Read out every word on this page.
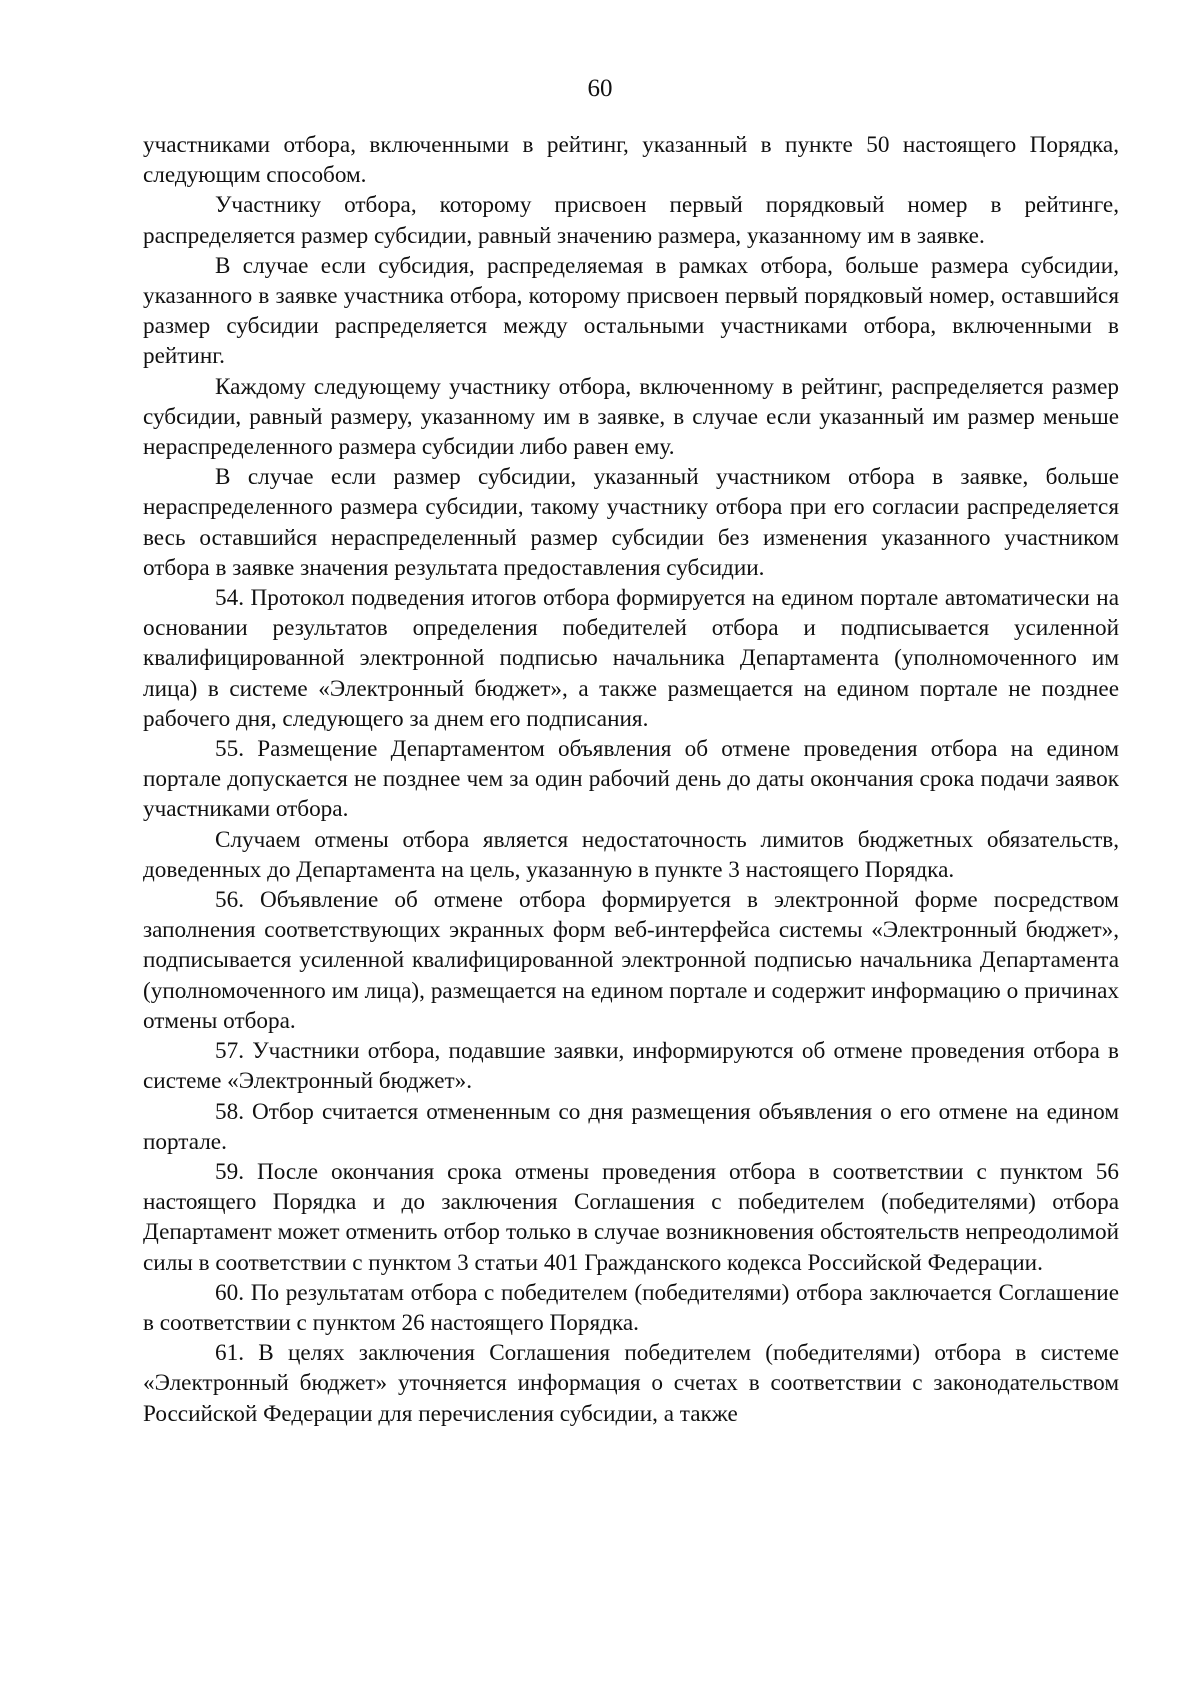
60

участниками отбора, включенными в рейтинг, указанный в пункте 50 настоящего Порядка, следующим способом.

Участнику отбора, которому присвоен первый порядковый номер в рейтинге, распределяется размер субсидии, равный значению размера, указанному им в заявке.

В случае если субсидия, распределяемая в рамках отбора, больше размера субсидии, указанного в заявке участника отбора, которому присвоен первый порядковый номер, оставшийся размер субсидии распределяется между остальными участниками отбора, включенными в рейтинг.

Каждому следующему участнику отбора, включенному в рейтинг, распределяется размер субсидии, равный размеру, указанному им в заявке, в случае если указанный им размер меньше нераспределенного размера субсидии либо равен ему.

В случае если размер субсидии, указанный участником отбора в заявке, больше нераспределенного размера субсидии, такому участнику отбора при его согласии распределяется весь оставшийся нераспределенный размер субсидии без изменения указанного участником отбора в заявке значения результата предоставления субсидии.

54. Протокол подведения итогов отбора формируется на едином портале автоматически на основании результатов определения победителей отбора и подписывается усиленной квалифицированной электронной подписью начальника Департамента (уполномоченного им лица) в системе «Электронный бюджет», а также размещается на едином портале не позднее рабочего дня, следующего за днем его подписания.

55. Размещение Департаментом объявления об отмене проведения отбора на едином портале допускается не позднее чем за один рабочий день до даты окончания срока подачи заявок участниками отбора.

Случаем отмены отбора является недостаточность лимитов бюджетных обязательств, доведенных до Департамента на цель, указанную в пункте 3 настоящего Порядка.

56. Объявление об отмене отбора формируется в электронной форме посредством заполнения соответствующих экранных форм веб-интерфейса системы «Электронный бюджет», подписывается усиленной квалифицированной электронной подписью начальника Департамента (уполномоченного им лица), размещается на едином портале и содержит информацию о причинах отмены отбора.

57. Участники отбора, подавшие заявки, информируются об отмене проведения отбора в системе «Электронный бюджет».

58. Отбор считается отмененным со дня размещения объявления о его отмене на едином портале.

59. После окончания срока отмены проведения отбора в соответствии с пунктом 56 настоящего Порядка и до заключения Соглашения с победителем (победителями) отбора Департамент может отменить отбор только в случае возникновения обстоятельств непреодолимой силы в соответствии с пунктом 3 статьи 401 Гражданского кодекса Российской Федерации.

60. По результатам отбора с победителем (победителями) отбора заключается Соглашение в соответствии с пунктом 26 настоящего Порядка.

61. В целях заключения Соглашения победителем (победителями) отбора в системе «Электронный бюджет» уточняется информация о счетах в соответствии с законодательством Российской Федерации для перечисления субсидии, а также
